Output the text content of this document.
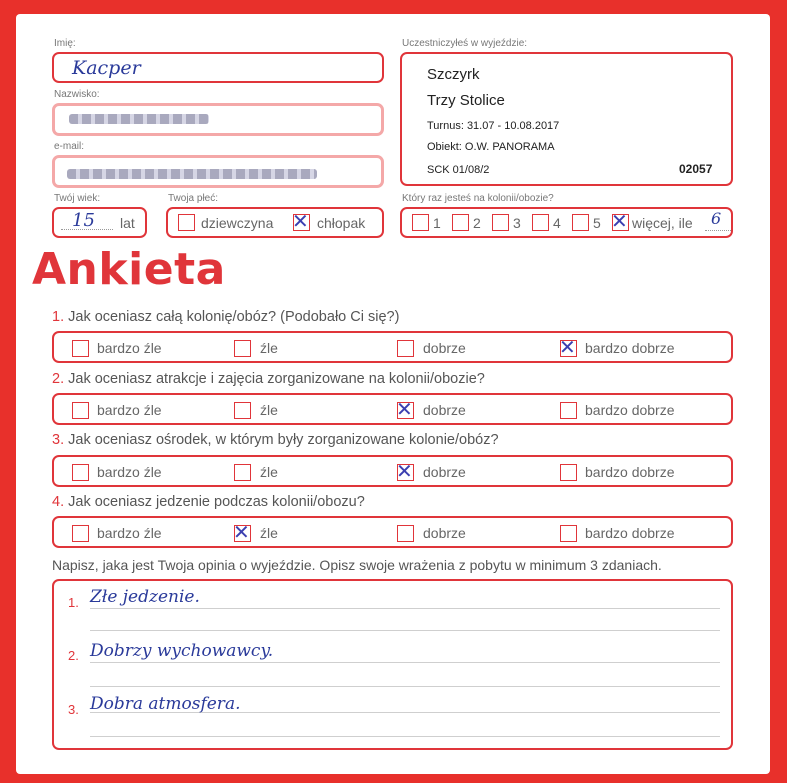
Imię:
Kacper
Nazwisko:
e-mail:
Twój wiek:
15 lat
Twoja płeć:
dziewczyna ✕ chłopak
Uczestniczyłeś w wyjeździe:
Szczyrk
Trzy Stolice
Turnus: 31.07 - 10.08.2017
Obiekt: O.W. PANORAMA
SCK 01/08/2	02057
Który raz jesteś na kolonii/obozie?
1 2 3 4 5 ✕ więcej, ile 6
Ankieta
1. Jak oceniasz całą kolonię/obóz? (Podobało Ci się?)
bardzo źle	źle	dobrze	✕ bardzo dobrze
2. Jak oceniasz atrakcje i zajęcia zorganizowane na kolonii/obozie?
bardzo źle	źle	✕ dobrze	bardzo dobrze
3. Jak oceniasz ośrodek, w którym były zorganizowane kolonie/obóz?
bardzo źle	źle	✕ dobrze	bardzo dobrze
4. Jak oceniasz jedzenie podczas kolonii/obozu?
bardzo źle	✕ źle	dobrze	bardzo dobrze
Napisz, jaka jest Twoja opinia o wyjeździe. Opisz swoje wrażenia z pobytu w minimum 3 zdaniach.
1. Złe jedzenie.
2. Dobrzy wychowawcy.
3. Dobra atmosfera.
